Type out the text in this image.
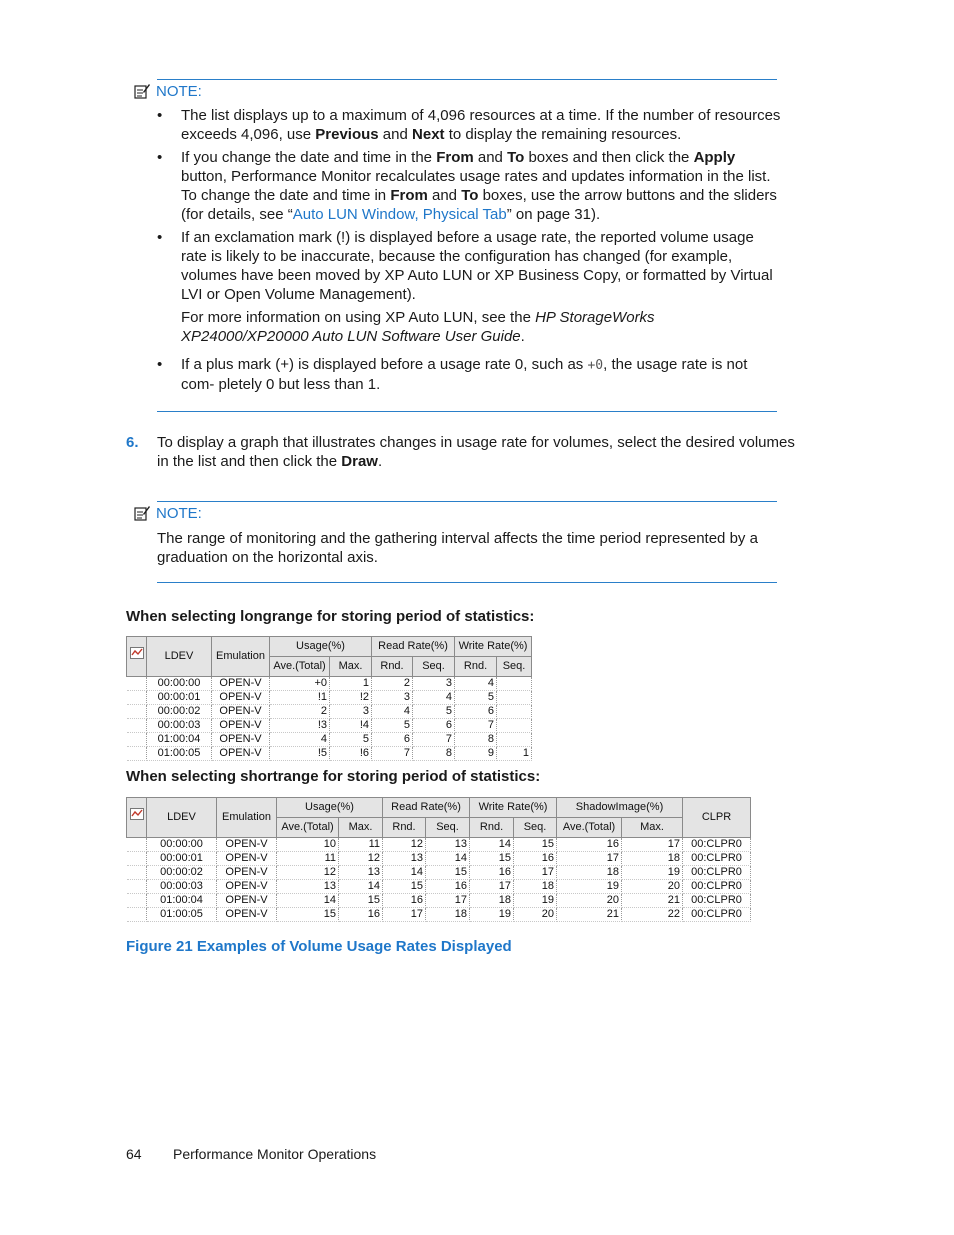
NOTE:
• The list displays up to a maximum of 4,096 resources at a time. If the number of resources exceeds 4,096, use Previous and Next to display the remaining resources.
• If you change the date and time in the From and To boxes and then click the Apply button, Performance Monitor recalculates usage rates and updates information in the list. To change the date and time in From and To boxes, use the arrow buttons and the sliders (for details, see “Auto LUN Window, Physical Tab” on page 31).
• If an exclamation mark (!) is displayed before a usage rate, the reported volume usage rate is likely to be inaccurate, because the configuration has changed (for example, volumes have been moved by XP Auto LUN or XP Business Copy, or formatted by Virtual LVI or Open Volume Management).
For more information on using XP Auto LUN, see the HP StorageWorks XP24000/XP20000 Auto LUN Software User Guide.
• If a plus mark (+) is displayed before a usage rate 0, such as +0, the usage rate is not com- pletely 0 but less than 1.
6. To display a graph that illustrates changes in usage rate for volumes, select the desired volumes in the list and then click the Draw.
NOTE:
The range of monitoring and the gathering interval affects the time period represented by a graduation on the horizontal axis.
When selecting longrange for storing period of statistics:
	LDEV	Emulation	Usage(%)		Read Rate(%)		Write Rate(%)	
			Ave.(Total)	Max.	Rnd.	Seq.	Rnd.	Seq.
	00:00:00	OPEN-V	+0	1	2	3	4	
	00:00:01	OPEN-V	!1	!2	3	4	5	
	00:00:02	OPEN-V	2	3	4	5	6	
	00:00:03	OPEN-V	!3	!4	5	6	7	
	01:00:04	OPEN-V	4	5	6	7	8	
	01:00:05	OPEN-V	!5	!6	7	8	9	1
When selecting shortrange for storing period of statistics:
	LDEV	Emulation	Usage(%)		Read Rate(%)		Write Rate(%)		ShadowImage(%)		CLPR
			Ave.(Total)	Max.	Rnd.	Seq.	Rnd.	Seq.	Ave.(Total)	Max.	
	00:00:00	OPEN-V	10	11	12	13	14	15	16	17	00:CLPR0
	00:00:01	OPEN-V	11	12	13	14	15	16	17	18	00:CLPR0
	00:00:02	OPEN-V	12	13	14	15	16	17	18	19	00:CLPR0
	00:00:03	OPEN-V	13	14	15	16	17	18	19	20	00:CLPR0
	01:00:04	OPEN-V	14	15	16	17	18	19	20	21	00:CLPR0
	01:00:05	OPEN-V	15	16	17	18	19	20	21	22	00:CLPR0
Figure 21 Examples of Volume Usage Rates Displayed
64 Performance Monitor Operations
